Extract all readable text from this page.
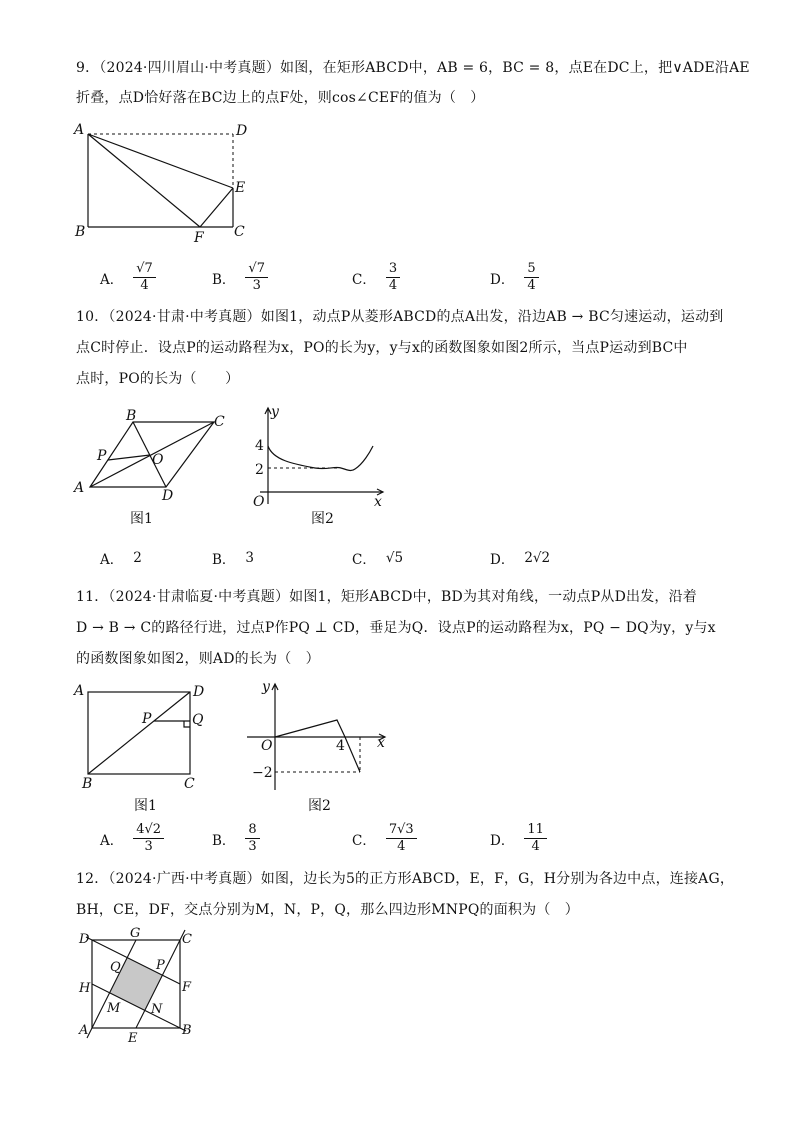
9．（2024·四川眉山·中考真题）如图，在矩形ABCD中，AB = 6，BC = 8，点E在DC上，把∨ADE沿AE
折叠，点D恰好落在BC边上的点F处，则cos∠CEF的值为（　）
A	D
E
B	F C
A． $\frac{√7}{4}$	B． $\frac{√7}{3}$	C． $\frac{3}{4}$	D． $\frac{5}{4}$
10．（2024·甘肃·中考真题）如图1，动点P从菱形ABCD的点A出发，沿边AB → BC匀速运动，运动到
点C时停止．设点P的运动路程为x，PO的长为y，y与x的函数图象如图2所示，当点P运动到BC中
点时，PO的长为（　　）
A
B	C
D
P	O
图1
y
x
O
4
2
图2
A． 2	B． 3	C． √5	D． 2√2
11．（2024·甘肃临夏·中考真题）如图1，矩形ABCD中，BD为其对角线，一动点P从D出发，沿着
D → B → C的路径行进，过点P作PQ ⊥ CD，垂足为Q．设点P的运动路程为x，PQ − DQ为y，y与x
的函数图象如图2，则AD的长为（　）
A	D
P	Q
B	C
图1
y
x
O	4
−2
图2
A． $\frac{4√2}{3}$	B． $\frac{8}{3}$	C． $\frac{7√3}{4}$	D． $\frac{11}{4}$
12．（2024·广西·中考真题）如图，边长为5的正方形ABCD，E，F，G，H分别为各边中点，连接AG，
BH，CE，DF，交点分别为M，N，P，Q，那么四边形MNPQ的面积为（　）
D	G	C
Q	P
H	F
M N
A
E
B
